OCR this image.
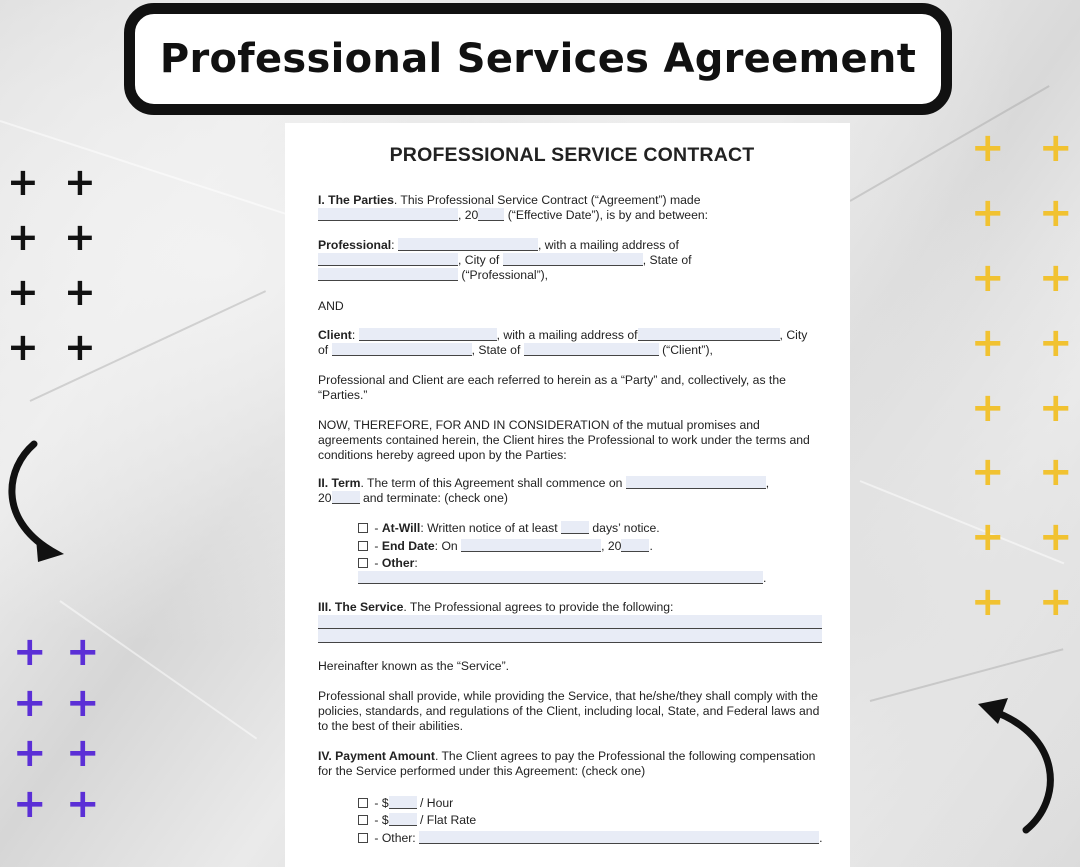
Professional Services Agreement
+ +
+ +
+ +
+ +
+ +
+ +
+ +
+ +
+ +
+ +
+ +
+ +
+ +
+ +
+ +
+ +
PROFESSIONAL SERVICE CONTRACT

I. The Parties. This Professional Service Contract (“Agreement”) made
, 20 (“Effective Date”), is by and between:

Professional:	, with a mailing address of
, City of	, State of
(“Professional”),

AND

Client:	, with a mailing address of	, City
of	, State of	(“Client”),

Professional and Client are each referred to herein as a “Party” and, collectively, as the “Parties.”

NOW, THEREFORE, FOR AND IN CONSIDERATION of the mutual promises and agreements contained herein, the Client hires the Professional to work under the terms and conditions hereby agreed upon by the Parties:

II. Term. The term of this Agreement shall commence on	,
20 and terminate: (check one)

- At-Will: Written notice of at least	days’ notice.

- End Date: On	, 20 .

- Other: .

III. The Service. The Professional agrees to provide the following:

Hereinafter known as the “Service”.

Professional shall provide, while providing the Service, that he/she/they shall comply with the policies, standards, and regulations of the Client, including local, State, and Federal laws and to the best of their abilities.

IV. Payment Amount. The Client agrees to pay the Professional the following compensation for the Service performed under this Agreement: (check one)

- $ / Hour

- $ / Flat Rate

- Other:	.
